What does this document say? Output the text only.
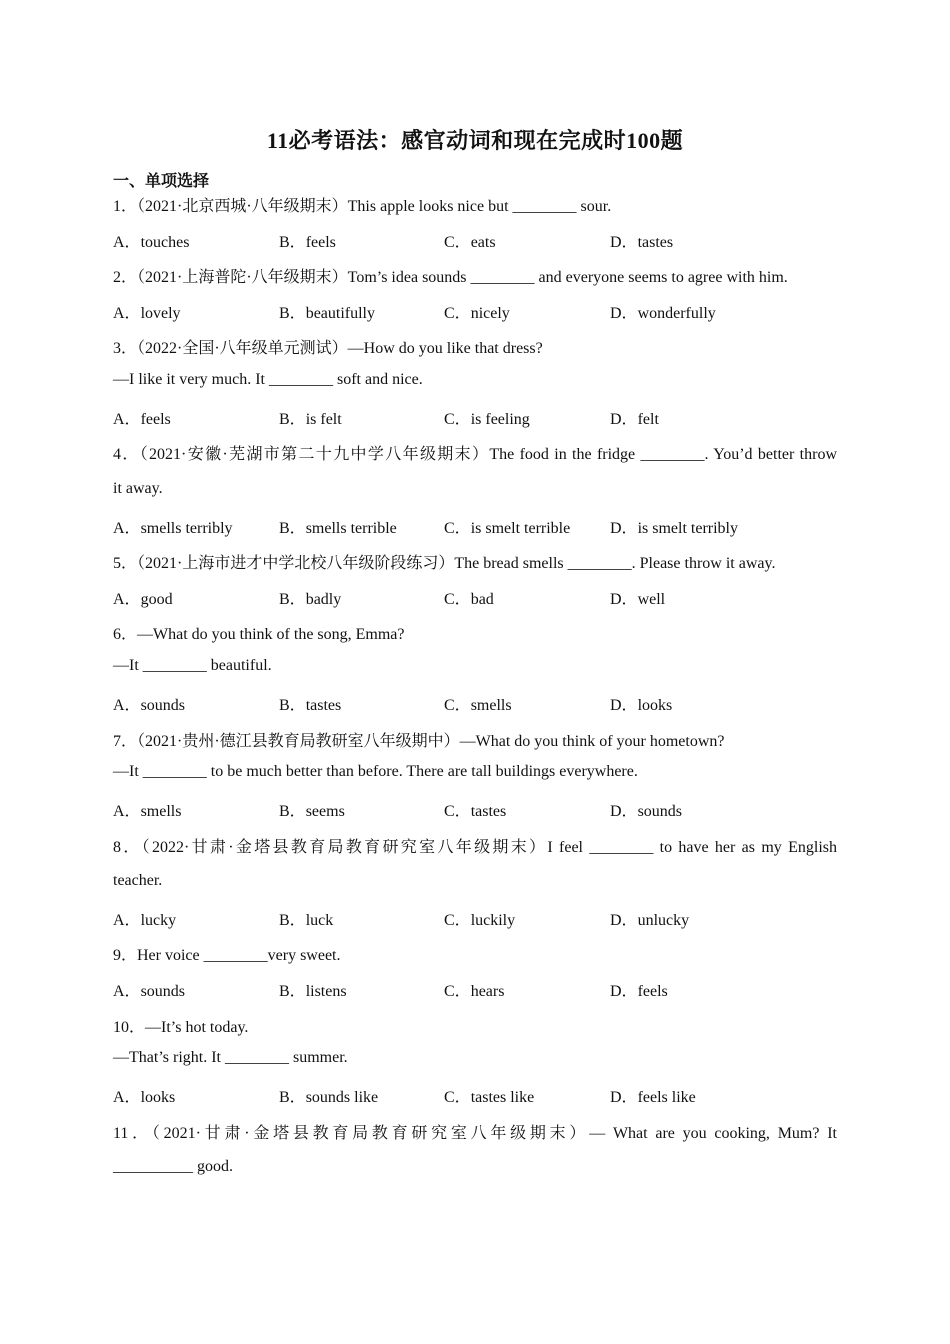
11必考语法：感官动词和现在完成时100题
一、单项选择
1．（2021·北京西城·八年级期末）This apple looks nice but ________ sour.
A．touches	B．feels	C．eats	D．tastes
2．（2021·上海普陀·八年级期末）Tom’s idea sounds ________ and everyone seems to agree with him.
A．lovely	B．beautifully	C．nicely	D．wonderfully
3．（2022·全国·八年级单元测试）—How do you like that dress?
—I like it very much. It ________ soft and nice.
A．feels	B．is felt	C．is feeling	D．felt
4．（2021·安徽·芜湖市第二十九中学八年级期末）The food in the fridge ________. You’d better throw
it away.
A．smells terribly	B．smells terrible	C．is smelt terrible D．is smelt terribly
5．（2021·上海市进才中学北校八年级阶段练习）The bread smells ________. Please throw it away.
A．good	B．badly	C．bad	D．well
6．—What do you think of the song, Emma?
—It ________ beautiful.
A．sounds	B．tastes	C．smells	D．looks
7．（2021·贵州·德江县教育局教研室八年级期中）—What do you think of your hometown?
—It ________ to be much better than before. There are tall buildings everywhere.
A．smells	B．seems	C．tastes	D．sounds
8．（2022·甘肃·金塔县教育局教育研究室八年级期末）I feel ________ to have her as my English
teacher.
A．lucky	B．luck	C．luckily	D．unlucky
9．Her voice ________very sweet.
A．sounds	B．listens	C．hears	D．feels
10．—It’s hot today.
—That’s right. It ________ summer.
A．looks	B．sounds like	C．tastes like	D．feels like
11．（2021·甘肃·金塔县教育局教育研究室八年级期末）— What are you cooking, Mum? It
__________ good.
